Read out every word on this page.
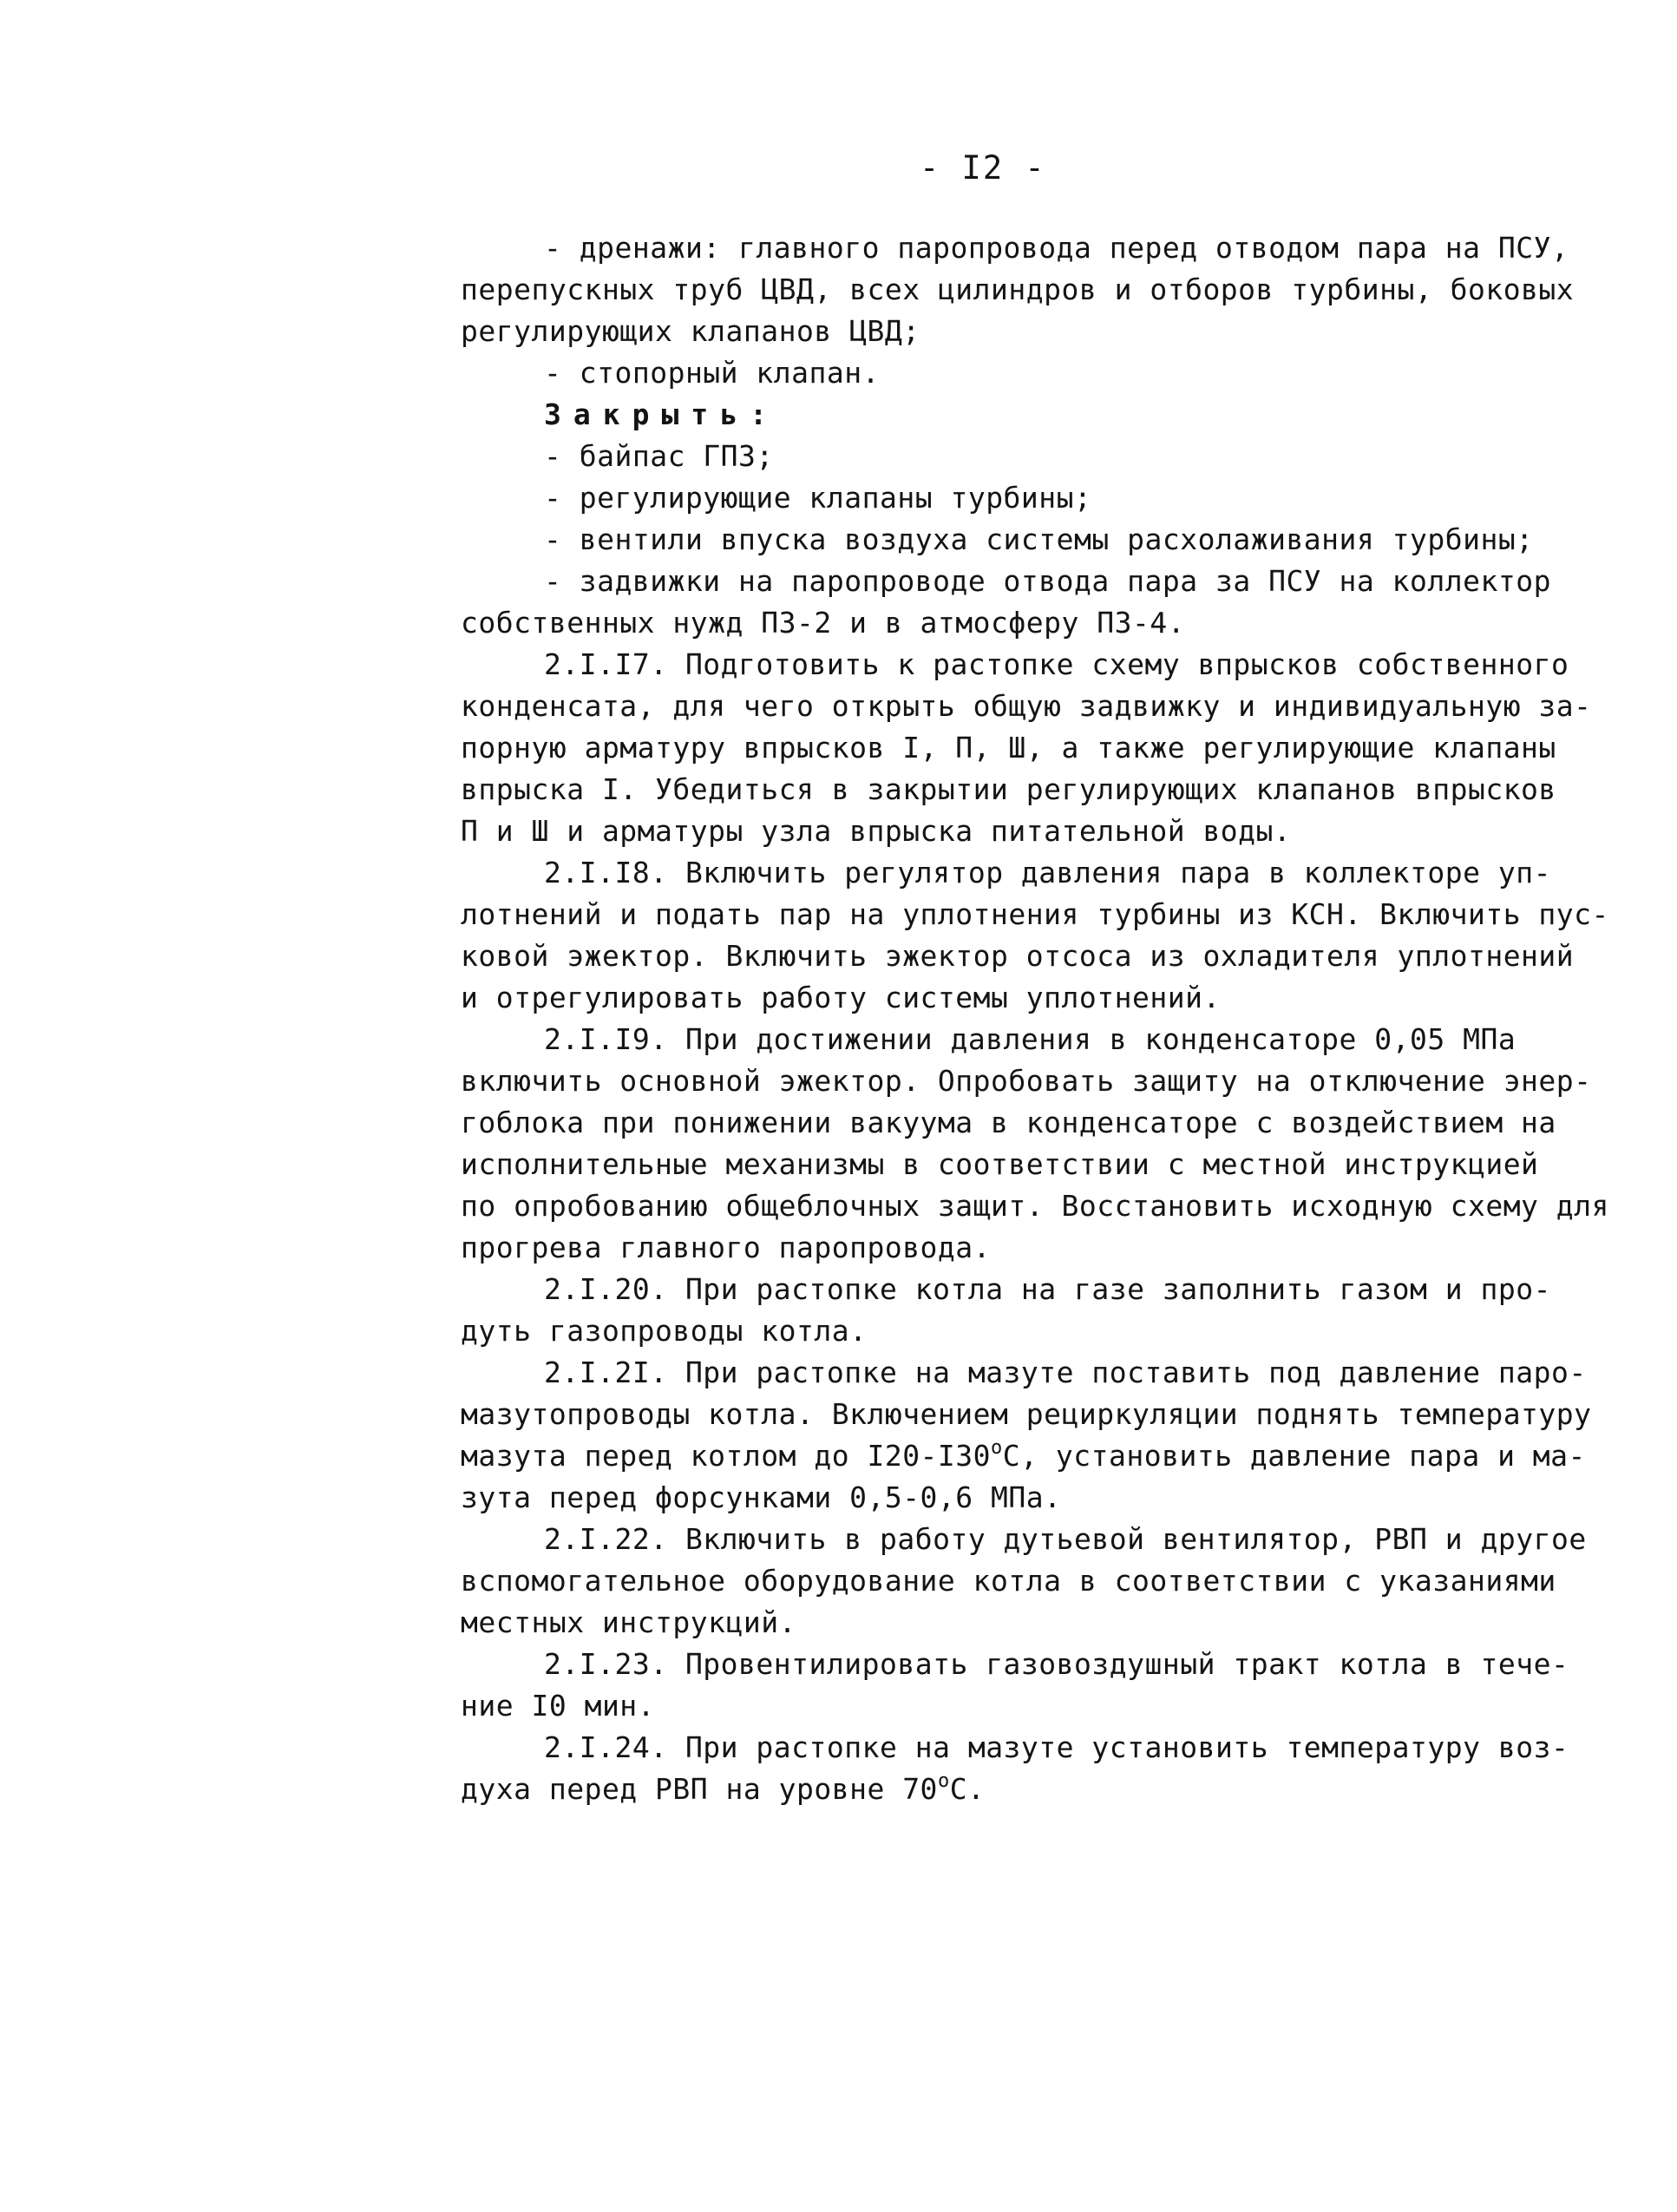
- I2 -
- дренажи: главного паропровода перед отводом пара на ПСУ,
перепускных труб ЦВД, всех цилиндров и отборов турбины, боковых
регулирующих клапанов ЦВД;
- стопорный клапан.
Закрыть:
- байпас ГПЗ;
- регулирующие клапаны турбины;
- вентили впуска воздуха системы расхолаживания турбины;
- задвижки на паропроводе отвода пара за ПСУ на коллектор
собственных нужд ПЗ-2 и в атмосферу ПЗ-4.
2.I.I7. Подготовить к растопке схему впрысков собственного
конденсата, для чего открыть общую задвижку и индивидуальную за-
порную арматуру впрысков I, П, Ш, а также регулирующие клапаны
впрыска I. Убедиться в закрытии регулирующих клапанов впрысков
П и Ш и арматуры узла впрыска питательной воды.
2.I.I8. Включить регулятор давления пара в коллекторе уп-
лотнений и подать пар на уплотнения турбины из КСН. Включить пус-
ковой эжектор. Включить эжектор отсоса из охладителя уплотнений
и отрегулировать работу системы уплотнений.
2.I.I9. При достижении давления в конденсаторе 0,05 МПа
включить основной эжектор. Опробовать защиту на отключение энер-
гоблока при понижении вакуума в конденсаторе с воздействием на
исполнительные механизмы в соответствии с местной инструкцией
по опробованию общеблочных защит. Восстановить исходную схему для
прогрева главного паропровода.
2.I.20. При растопке котла на газе заполнить газом и про-
дуть газопроводы котла.
2.I.2I. При растопке на мазуте поставить под давление паро-
мазутопроводы котла. Включением рециркуляции поднять температуру
мазута перед котлом до $I20-I30^оС$, установить давление пара и ма-
зута перед форсунками 0,5-0,6 МПа.
2.I.22. Включить в работу дутьевой вентилятор, РВП и другое
вспомогательное оборудование котла в соответствии с указаниями
местных инструкций.
2.I.23. Провентилировать газовоздушный тракт котла в тече-
ние I0 мин.
2.I.24. При растопке на мазуте установить температуру воз-
духа перед РВП на уровне $70^оС$.
